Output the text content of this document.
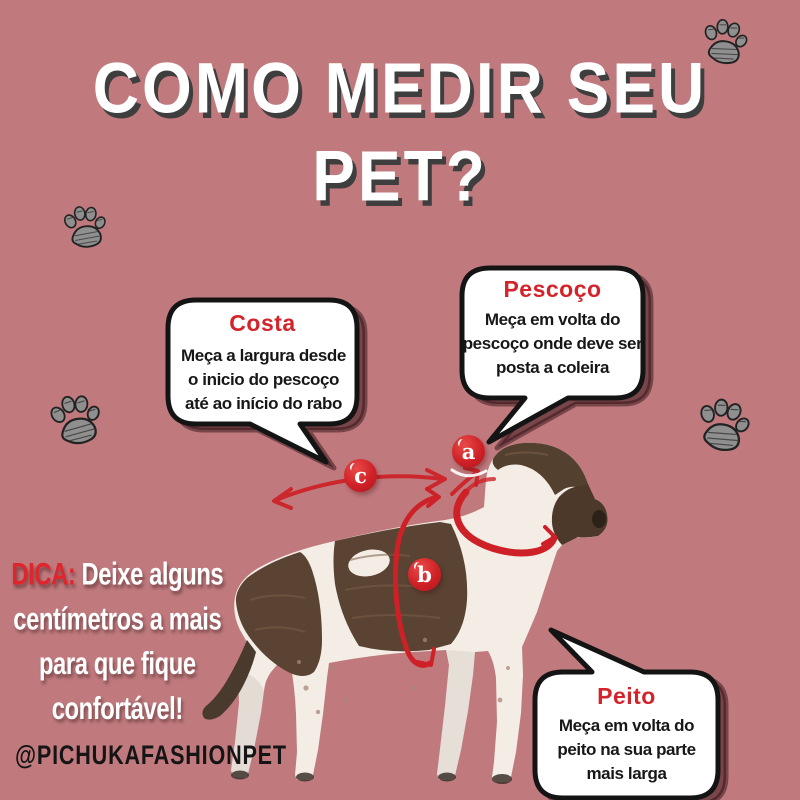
COMO MEDIR SEU
PET?
Costa
Meça a largura desde
o inicio do pescoço
até ao início do rabo
Pescoço
Meça em volta do
pescoço onde deve ser
posta a coleira
Peito
Meça em volta do
peito na sua parte
mais larga
a
c
b
DICA: Deixe alguns
centímetros a mais
para que fique
confortável!
@PICHUKAFASHIONPET
